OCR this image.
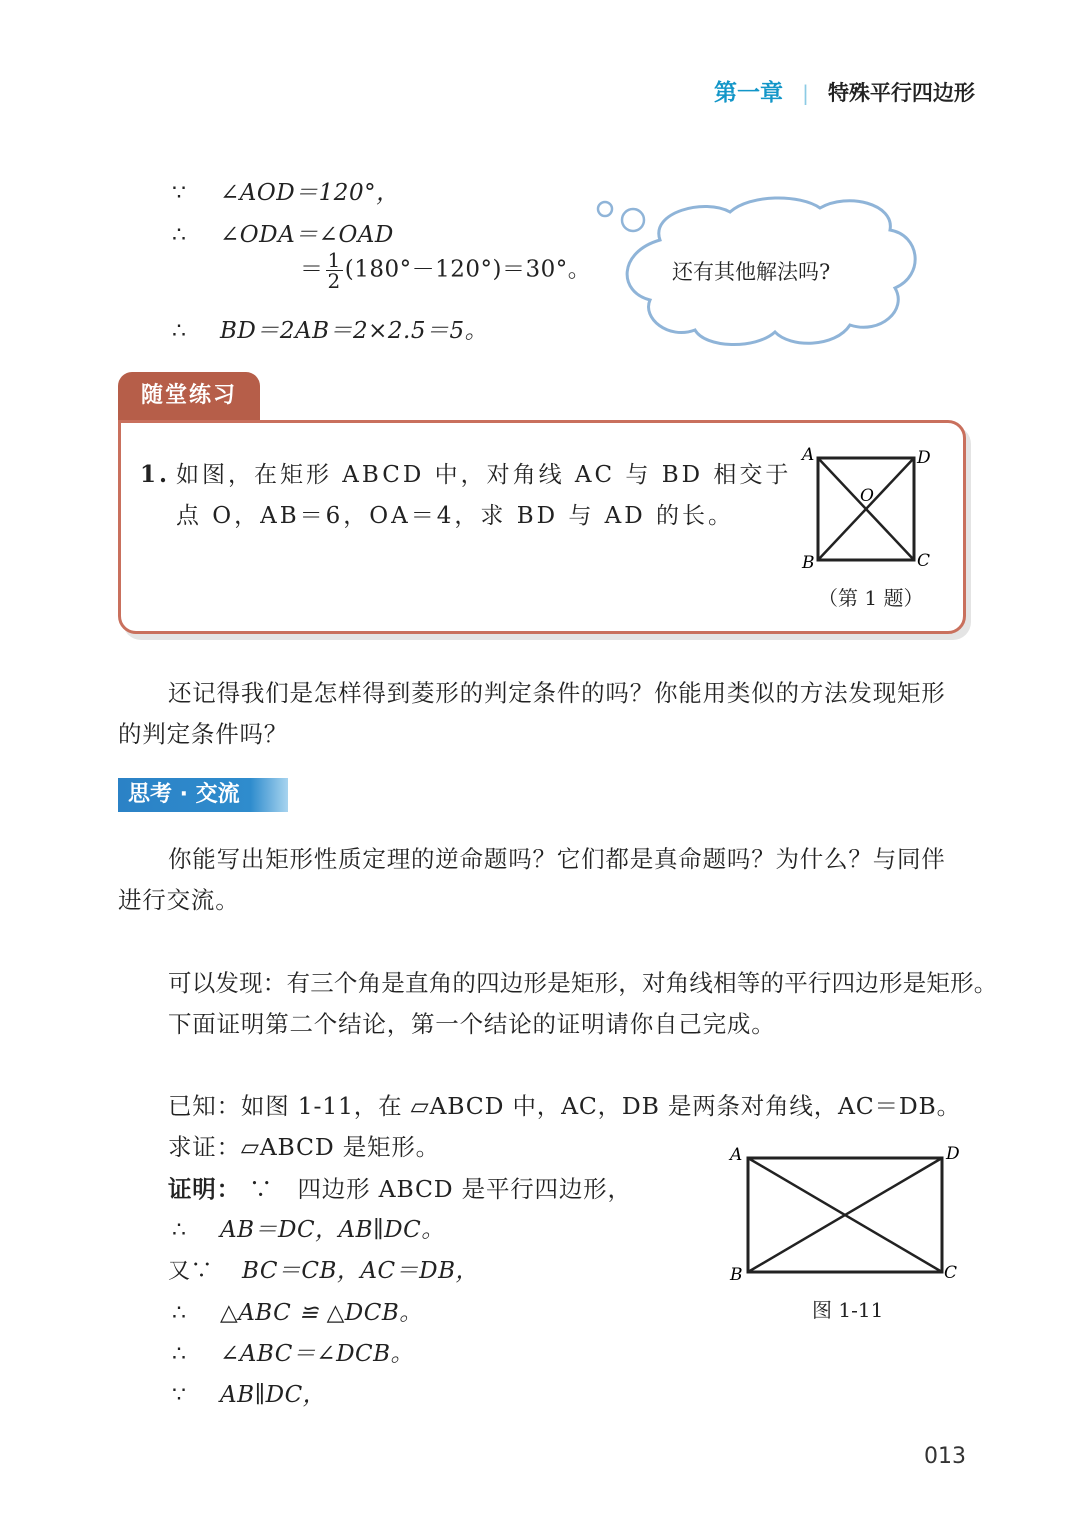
第一章 | 特殊平行四边形
∵ ∠AOD＝120°，
∴ ∠ODA＝∠OAD
＝ $\frac{1}{2} (180^\circ-120^\circ)=30^\circ$。
∴ BD＝2AB＝2×2.5＝5。
还有其他解法吗?
随堂练习
1. 如图，在矩形 ABCD 中，对角线 AC 与 BD 相交于
点 O，AB＝6，OA＝4，求 BD 与 AD 的长。
A	D
B	C
O
（第 1 题）
还记得我们是怎样得到菱形的判定条件的吗？你能用类似的方法发现矩形
的判定条件吗？
思考 · 交流
你能写出矩形性质定理的逆命题吗？它们都是真命题吗？为什么？与同伴
进行交流。
可以发现：有三个角是直角的四边形是矩形，对角线相等的平行四边形是矩形。
下面证明第二个结论，第一个结论的证明请你自己完成。
已知：如图 1-11，在 ▱ABCD 中，AC，DB 是两条对角线，AC＝DB。
求证：▱ABCD 是矩形。
证明： ∵　四边形 ABCD 是平行四边形，
∴ AB＝DC，AB∥DC。
又∵ BC＝CB，AC＝DB，
∴ △ABC ≌ △DCB。
∴ ∠ABC＝∠DCB。
∵ AB∥DC，
A	D
B	C
图 1-11
013
